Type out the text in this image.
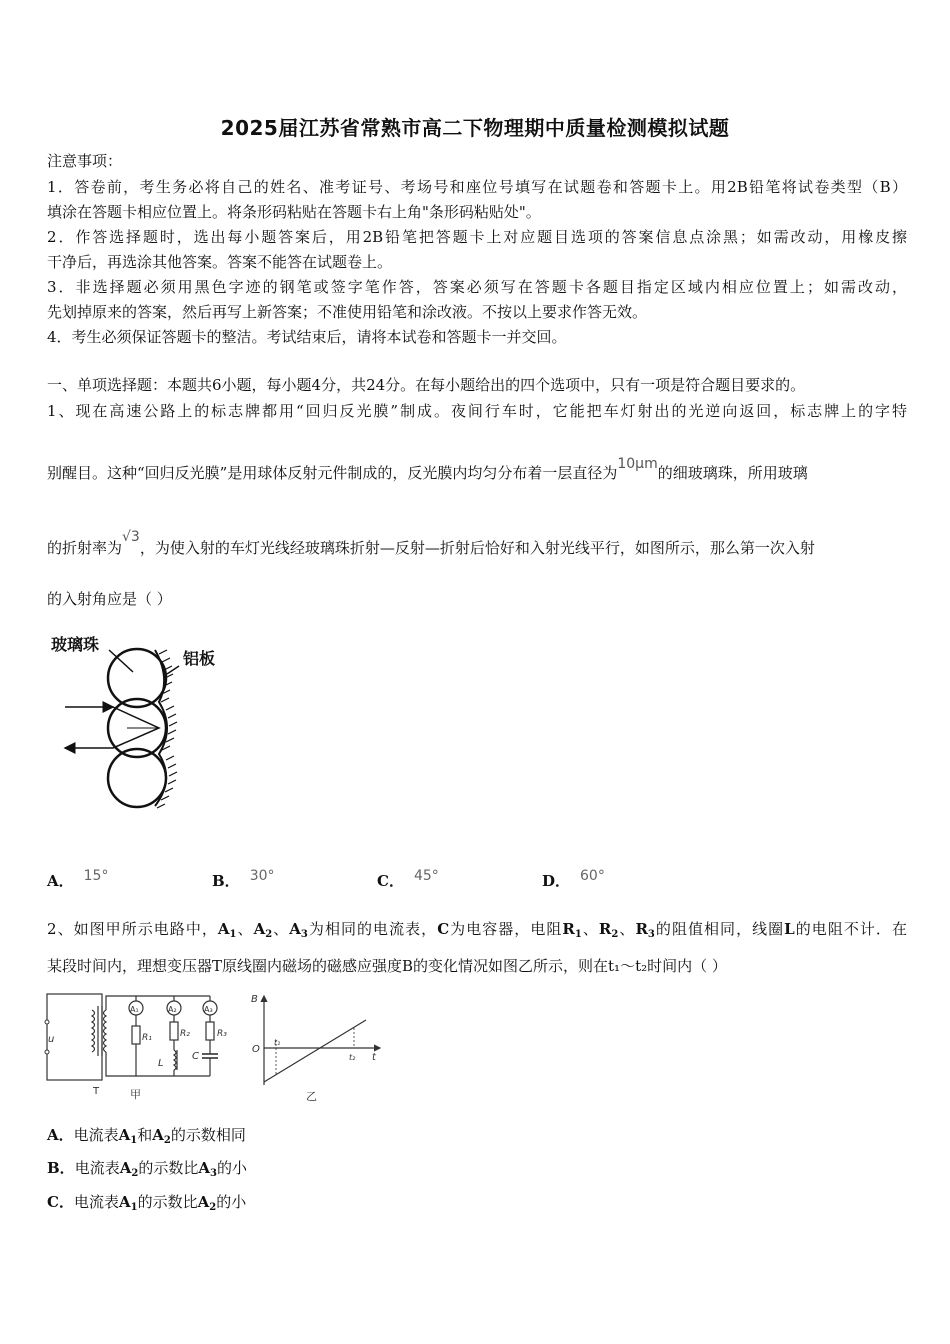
2025届江苏省常熟市高二下物理期中质量检测模拟试题
注意事项：
1．答卷前，考生务必将自己的姓名、准考证号、考场号和座位号填写在试题卷和答题卡上。用2B铅笔将试卷类型（B）
填涂在答题卡相应位置上。将条形码粘贴在答题卡右上角"条形码粘贴处"。
2．作答选择题时，选出每小题答案后，用2B铅笔把答题卡上对应题目选项的答案信息点涂黑；如需改动，用橡皮擦
干净后，再选涂其他答案。答案不能答在试题卷上。
3．非选择题必须用黑色字迹的钢笔或签字笔作答，答案必须写在答题卡各题目指定区域内相应位置上；如需改动，
先划掉原来的答案，然后再写上新答案；不准使用铅笔和涂改液。不按以上要求作答无效。
4．考生必须保证答题卡的整洁。考试结束后，请将本试卷和答题卡一并交回。
一、单项选择题：本题共6小题，每小题4分，共24分。在每小题给出的四个选项中，只有一项是符合题目要求的。
1、现在高速公路上的标志牌都用“回归反光膜”制成。夜间行车时，它能把车灯射出的光逆向返回，标志牌上的字特
别醒目。这种“回归反光膜”是用球体反射元件制成的，反光膜内均匀分布着一层直径为10μm的细玻璃珠，所用玻璃
的折射率为√3，为使入射的车灯光线经玻璃珠折射—反射—折射后恰好和入射光线平行，如图所示，那么第一次入射
的入射角应是（ ）
玻璃珠
铝板
A． 15°	B． 30°	C． 45°	D． 60°
2、如图甲所示电路中，$A_1$、$A_2$、$A_3$为相同的电流表，C为电容器，电阻$R_1$、$R_2$、$R_3$的阻值相同，线圈L的电阻不计．在
某段时间内，理想变压器T原线圈内磁场的磁感应强度B的变化情况如图乙所示，则在t₁～t₂时间内（ ）
u
T	甲
A₁	A₂	A₃
R₁	R₂	R₃
L
C
B
O
t
t₁
t₂
乙
A．电流表$A_1$和$A_2$的示数相同
B．电流表$A_2$的示数比$A_3$的小
C．电流表$A_1$的示数比$A_2$的小
